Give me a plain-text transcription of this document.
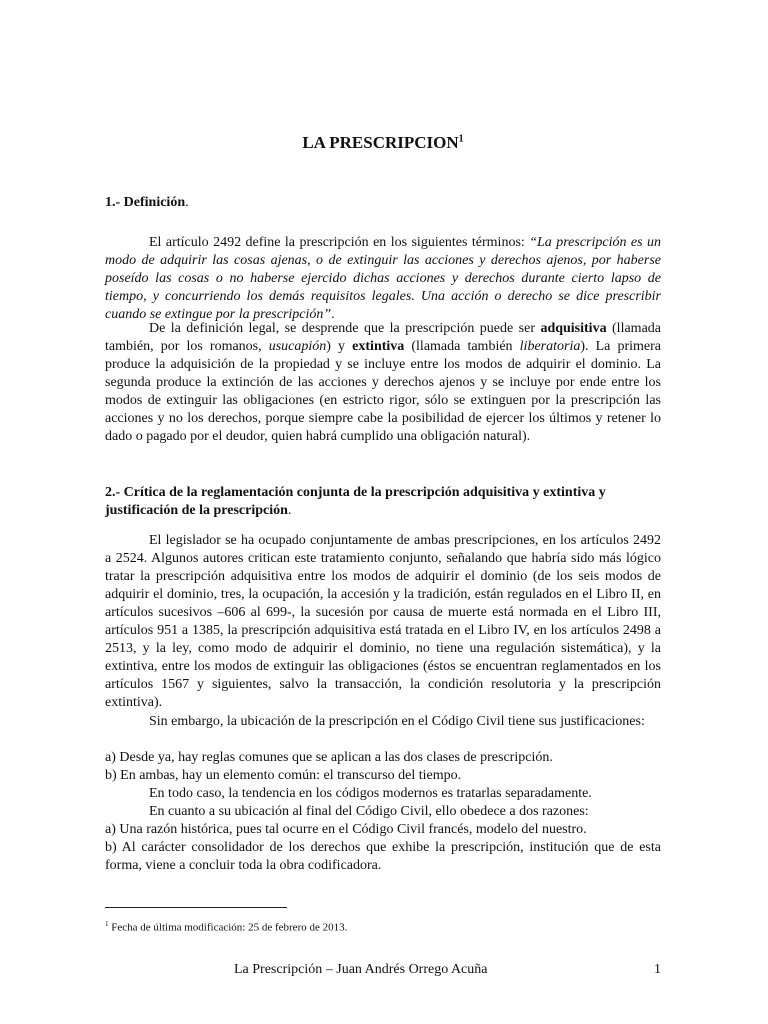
LA PRESCRIPCION$^1$
1.- Definición.
El artículo 2492 define la prescripción en los siguientes términos: “La prescripción es un modo de adquirir las cosas ajenas, o de extinguir las acciones y derechos ajenos, por haberse poseído las cosas o no haberse ejercido dichas acciones y derechos durante cierto lapso de tiempo, y concurriendo los demás requisitos legales. Una acción o derecho se dice prescribir cuando se extingue por la prescripción”.
De la definición legal, se desprende que la prescripción puede ser adquisitiva (llamada también, por los romanos, usucapión) y extintiva (llamada también liberatoria). La primera produce la adquisición de la propiedad y se incluye entre los modos de adquirir el dominio. La segunda produce la extinción de las acciones y derechos ajenos y se incluye por ende entre los modos de extinguir las obligaciones (en estricto rigor, sólo se extinguen por la prescripción las acciones y no los derechos, porque siempre cabe la posibilidad de ejercer los últimos y retener lo dado o pagado por el deudor, quien habrá cumplido una obligación natural).
2.- Crítica de la reglamentación conjunta de la prescripción adquisitiva y extintiva y justificación de la prescripción.
El legislador se ha ocupado conjuntamente de ambas prescripciones, en los artículos 2492 a 2524. Algunos autores critican este tratamiento conjunto, señalando que habría sido más lógico tratar la prescripción adquisitiva entre los modos de adquirir el dominio (de los seis modos de adquirir el dominio, tres, la ocupación, la accesión y la tradición, están regulados en el Libro II, en artículos sucesivos –606 al 699-, la sucesión por causa de muerte está normada en el Libro III, artículos 951 a 1385, la prescripción adquisitiva está tratada en el Libro IV, en los artículos 2498 a 2513, y la ley, como modo de adquirir el dominio, no tiene una regulación sistemática), y la extintiva, entre los modos de extinguir las obligaciones (éstos se encuentran reglamentados en los artículos 1567 y siguientes, salvo la transacción, la condición resolutoria y la prescripción extintiva).
Sin embargo, la ubicación de la prescripción en el Código Civil tiene sus justificaciones:
a) Desde ya, hay reglas comunes que se aplican a las dos clases de prescripción.
b) En ambas, hay un elemento común: el transcurso del tiempo.
En todo caso, la tendencia en los códigos modernos es tratarlas separadamente.
En cuanto a su ubicación al final del Código Civil, ello obedece a dos razones:
a) Una razón histórica, pues tal ocurre en el Código Civil francés, modelo del nuestro.
b) Al carácter consolidador de los derechos que exhibe la prescripción, institución que de esta forma, viene a concluir toda la obra codificadora.
$^1$ Fecha de última modificación: 25 de febrero de 2013.
La Prescripción – Juan Andrés Orrego Acuña	1
